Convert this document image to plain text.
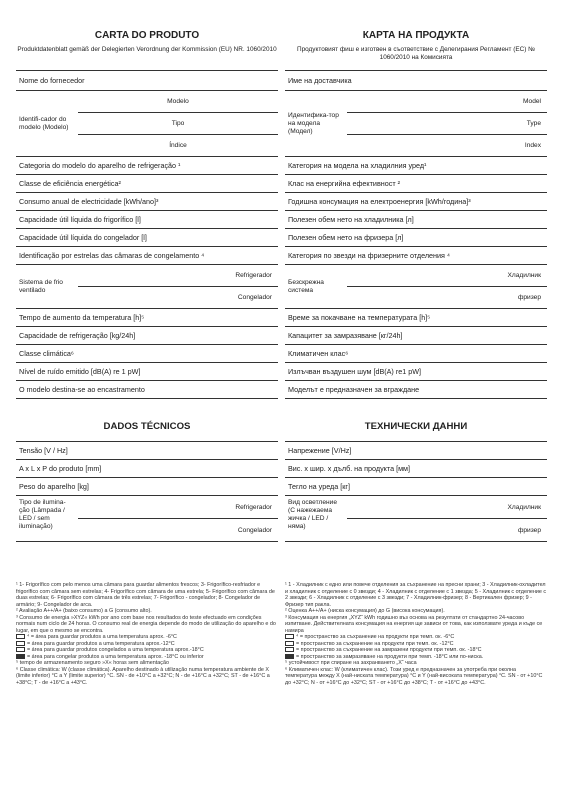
CARTA DO PRODUTO
Produktdatenblatt gemäß der Delegierten Verordnung der Kommission (EU) NR. 1060/2010
Nome do fornecedor
Identifi-cador do modelo (Modelo)
Modelo
Tipo
Índice
Categoria do modelo do aparelho de refrigeração ¹
Classe de eficiência energética²
Consumo anual de electricidade [kWh/ano]³
Capacidade útil líquida do frigorífico [l]
Capacidade útil líquida do congelador [l]
Identificação por estrelas das câmaras de congelamento ⁴
Sistema de frio ventilado
Refrigerador
Congelador
Tempo de aumento da temperatura [h]⁵
Capacidade de refrigeração [kg/24h]
Classe climática⁶
Nível de ruído emitido [dB(A) re 1 pW]
O modelo destina-se ao encastramento
DADOS TÉCNICOS
Tensão [V / Hz]
A x L x P do produto [mm]
Peso do aparelho [kg]
Tipo de ilumina-ção (Lâmpada / LED / sem iluminação)
Refrigerador
Congelador
КАРТА НА ПРОДУКТА
Продуктовият фиш е изготвен в съответствие с Делегирания Регламент (ЕС) № 1060/2010 на Комисията
Име на доставчика
Идентифика-тор на модела (Модел)
Model
Type
Index
Категория на модела на хладилния уред¹
Клас на енергийна ефективност ²
Годишна консумация на електроенергия [kWh/година]³
Полезен обем нето на хладилника [л]
Полезен обем нето на фризера [л]
Категория по звезди на фризерните отделения ⁴
Безскрежна система
Хладилник
фризер
Време за покачване на температурата [h]⁵
Капацитет за замразяване [кг/24h]
Климатичен клас⁶
Излъчван въздушен шум [dB(A) re1 pW]
Моделът е предназначен за вграждане
ТЕХНИЧЕСКИ ДАННИ
Напрежение [V/Hz]
Вис. x шир. x дълб. на продукта [мм]
Тегло на уреда [кг]
Вид осветление (С нажежаема жичка / LED / няма)
Хладилник
фризер

¹ 1- Frigorífico com pelo menos uma câmara para guardar alimentos frescos; 3- Frigorífico-resfriador e frigorífico com câmara sem estrelas; 4- Frigorífico com câmara de uma estrela; 5- Frigorífico com câmara de duas estrelas; 6- Frigorífico com câmara de três estrelas; 7- Frigorífico - congelador; 8- Congelador de armário; 9- Congelador de arca.

² Avaliação A++/A+ (baixo consumo) a G (consumo alto).

³ Consumo de energia »XYZ« kWh por ano com base nos resultados do teste efectuado em condições normais num ciclo de 24 horas. O consumo real de energia depende do modo de utilização do aparelho e do lugar, em que o mesmo se encontra.

⁴ = área para guardar produtos a uma temperatura aprox. -6°C

= área para guardar produtos a uma temperatura aprox.-12°C

= área para guardar produtos congelados a uma temperatura aprox.-18°C

= área para congelar produtos a uma temperatura aprox. -18°C ou inferior

⁵ tempo de armazenamento seguro »X« horas sem alimentação

⁶ Classe climática: W (classe climática). Aparelho destinado à utilização numa temperatura ambiente de X (limite inferior) °C a Y (limite superior) °C. SN - de +10°C a +32°C; N - de +16°C a +32°C; ST - de +16°C a +38°C; T - de +16°C a +43°C.

¹ 1 - Хладилник с едно или повече отделения за съхранение на пресни храни; 3 - Хладилник-охладител и хладилник с отделение с 0 звезди; 4 - Хладилник с отделение с 1 звезда; 5 - Хладилник с отделение с 2 звезди; 6 - Хладилник с отделение с 3 звезди; 7 - Хладилник-фризер; 8 - Вертикален фризер; 9 - Фризер тип ракла.

² Оценка A++/A+ (ниска консумация) до G (висока консумация).

³ Консумация на енергия „XYZ“ kWh годишно въз основа на резултати от стандартно 24-часово изпитване. Действителната консумация на енергия ще зависи от това, как използвате уреда и къде се намира

⁴ = пространство за съхранение на продукти при темп. ок. -6°C

= пространство за съхранение на продукти при темп. ок. -12°C

= пространство за съхранение на замразени продукти при темп. ок. -18°C

= пространство за замразяване на продукти при темп. -18°C или по-ниска.

⁵ устойчивост при спиране на захранването „X“ часа

⁶ Климатичен клас: W (климатичен клас). Този уред е предназначен за употреба при околна температура между X (най-ниската температура) °C и Y (най-високата температура) °C. SN - от +10°C до +32°C; N - от +16°C до +32°C; ST - от +16°C до +38°C; T - от +16°C до +43°C.
